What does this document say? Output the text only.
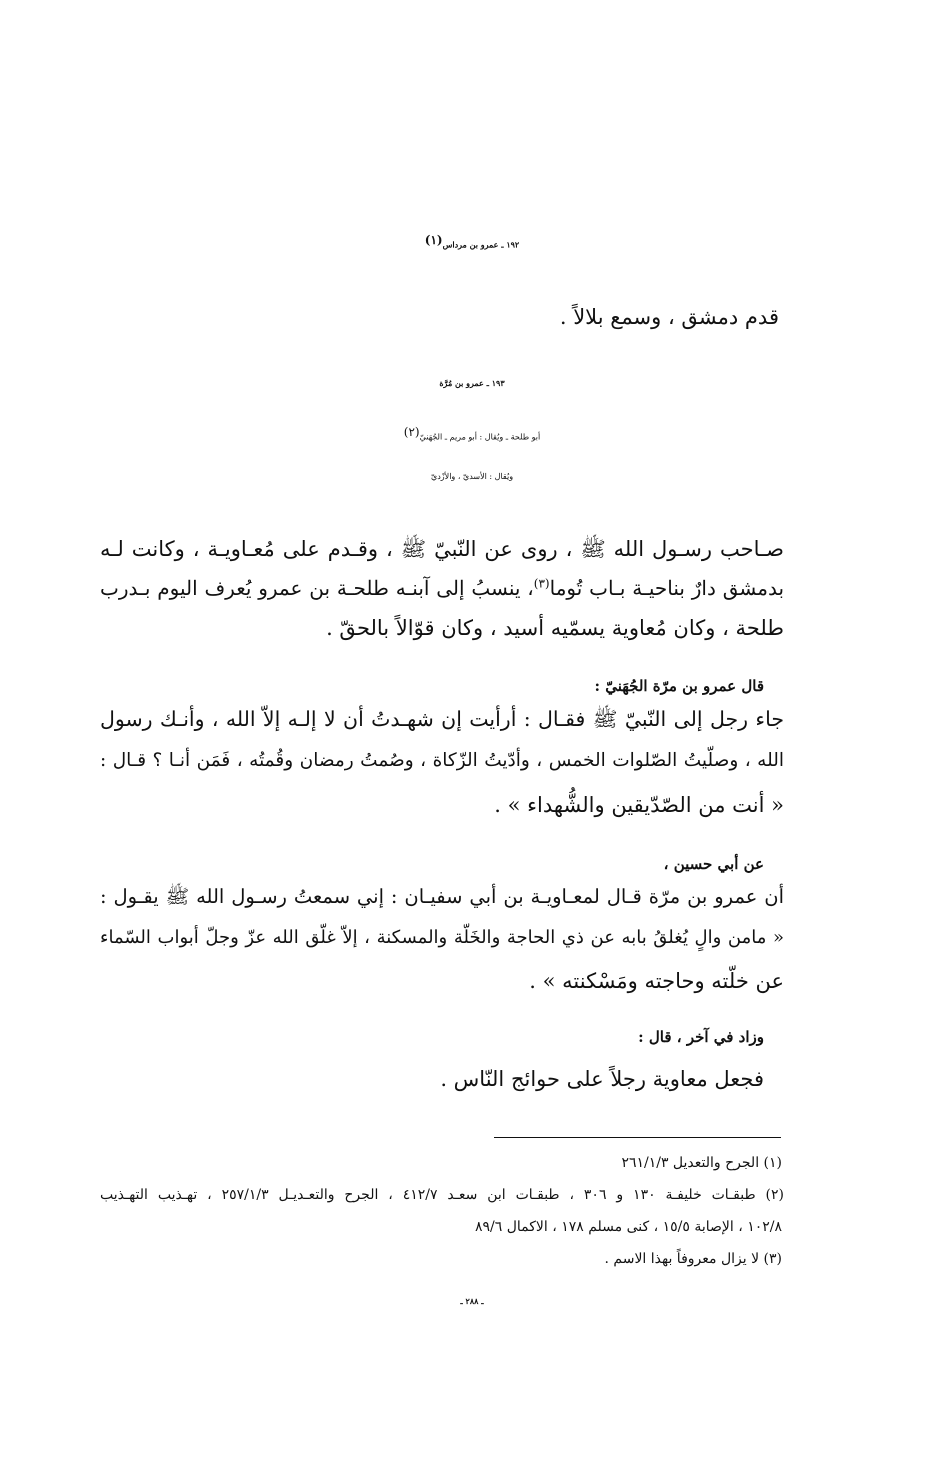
١٩٢ ـ عمرو بن مرداس$^{(١)}$
قدم دمشق ، وسمع بلالاً .
١٩٣ ـ عمرو بن مُرَّة
أبو طلحة ـ ويُقال : أبو مريم ـ الجُهَنيّ$^{(٢)}$
ويُقال : الأسديّ ، والأزْديّ
صـاحب رسـول الله ﷺ ، روى عن النّبيّ ﷺ ، وقـدم على مُعـاويـة ، وكانت لـه
بدمشق دارٌ بناحيـة بـاب تُوما$^{(٣)}$، ينسبُ إلى آبنـه طلحـة بن عمرو يُعرف اليوم بـدرب
طلحة ، وكان مُعاوية يسمّيه أسيد ، وكان قوّالاً بالحقّ .
قال عمرو بن مرّة الجُهَنيّ :
جاء رجل إلى النّبيّ ﷺ فقـال : أرأيت إن شهـدتُ أن لا إلـه إلاّ الله ، وأنـك رسول
الله ، وصلّيتُ الصّلوات الخمس ، وأدّيتُ الزّكاة ، وصُمتُ رمضان وقُمتُه ، فَمَن أنـا ؟ قـال :
« أنت من الصّدّيقين والشُّهداء » .
عن أبي حسين ،
أن عمرو بن مرّة قـال لمعـاويـة بن أبي سفيـان : إني سمعتُ رسـول الله ﷺ يقـول :
« مامن والٍ يُغلقُ بابه عن ذي الحاجة والخَلّة والمسكنة ، إلاّ غلّق الله عزّ وجلّ أبواب السّماء
عن خلّته وحاجته ومَسْكنته » .
وزاد في آخر ، قال :
فجعل معاوية رجلاً على حوائج النّاس .
(١) الجرح والتعديل ٢٦١/١/٣
(٢) طبقـات خليفـة ١٣٠ و ٣٠٦ ، طبقـات ابن سعـد ٤١٢/٧ ، الجرح والتعـديـل ٢٥٧/١/٣ ، تهـذيب التهـذيب
١٠٢/٨ ، الإصابة ١٥/٥ ، كنى مسلم ١٧٨ ، الاكمال ٨٩/٦
(٣) لا يزال معروفاً بهذا الاسم .
ـ ٢٨٨ ـ
